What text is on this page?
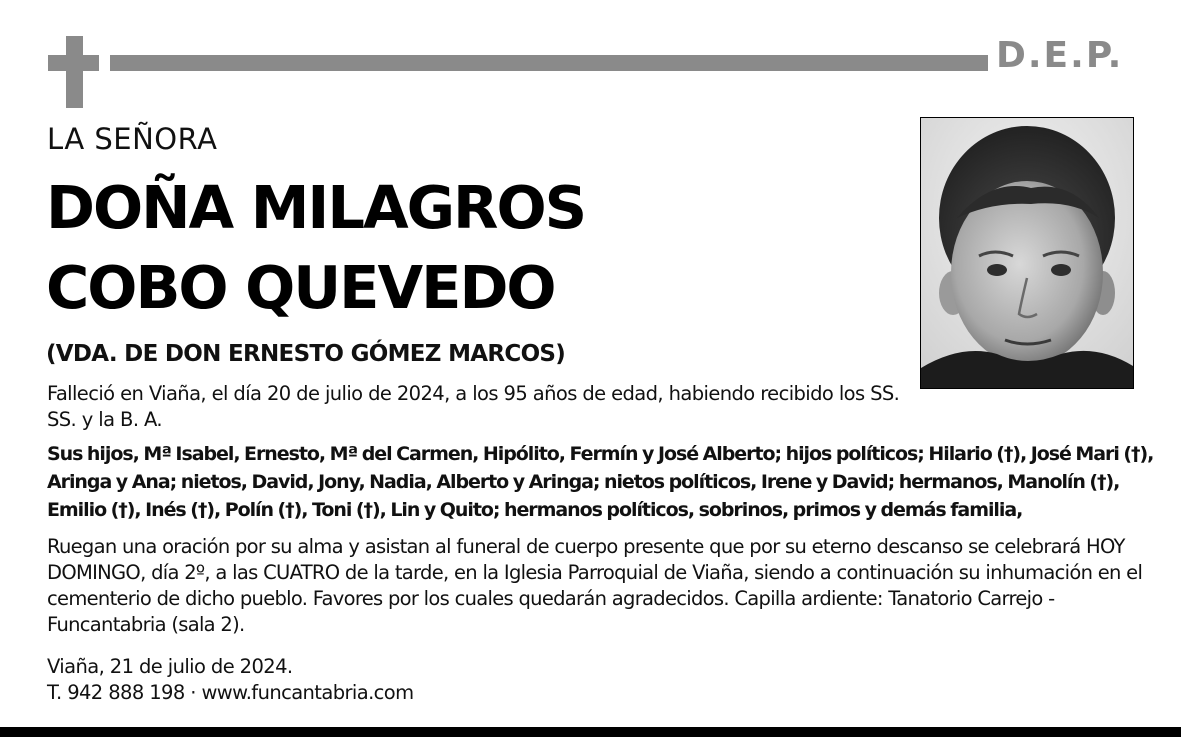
D.E.P.
LA SEÑORA
DOÑA MILAGROS
COBO QUEVEDO
(VDA. DE DON ERNESTO GÓMEZ MARCOS)
Falleció en Viaña, el día 20 de julio de 2024, a los 95 años de edad, habiendo recibido los SS. SS. y la B. A.
Sus hijos, Mª Isabel, Ernesto, Mª del Carmen, Hipólito, Fermín y José Alberto; hijos políticos; Hilario (†), José Mari (†), Aringa y Ana; nietos, David, Jony, Nadia, Alberto y Aringa; nietos políticos, Irene y David; hermanos, Manolín (†), Emilio (†), Inés (†), Polín (†), Toni (†), Lin y Quito; hermanos políticos, sobrinos, primos y demás familia,
Ruegan una oración por su alma y asistan al funeral de cuerpo presente que por su eterno descanso se celebrará HOY DOMINGO, día 2º, a las CUATRO de la tarde, en la Iglesia Parroquial de Viaña, siendo a continuación su inhumación en el cementerio de dicho pueblo. Favores por los cuales quedarán agradecidos. Capilla ardiente: Tanatorio Carrejo - Funcantabria (sala 2).
Viaña, 21 de julio de 2024.
T. 942 888 198 · www.funcantabria.com
